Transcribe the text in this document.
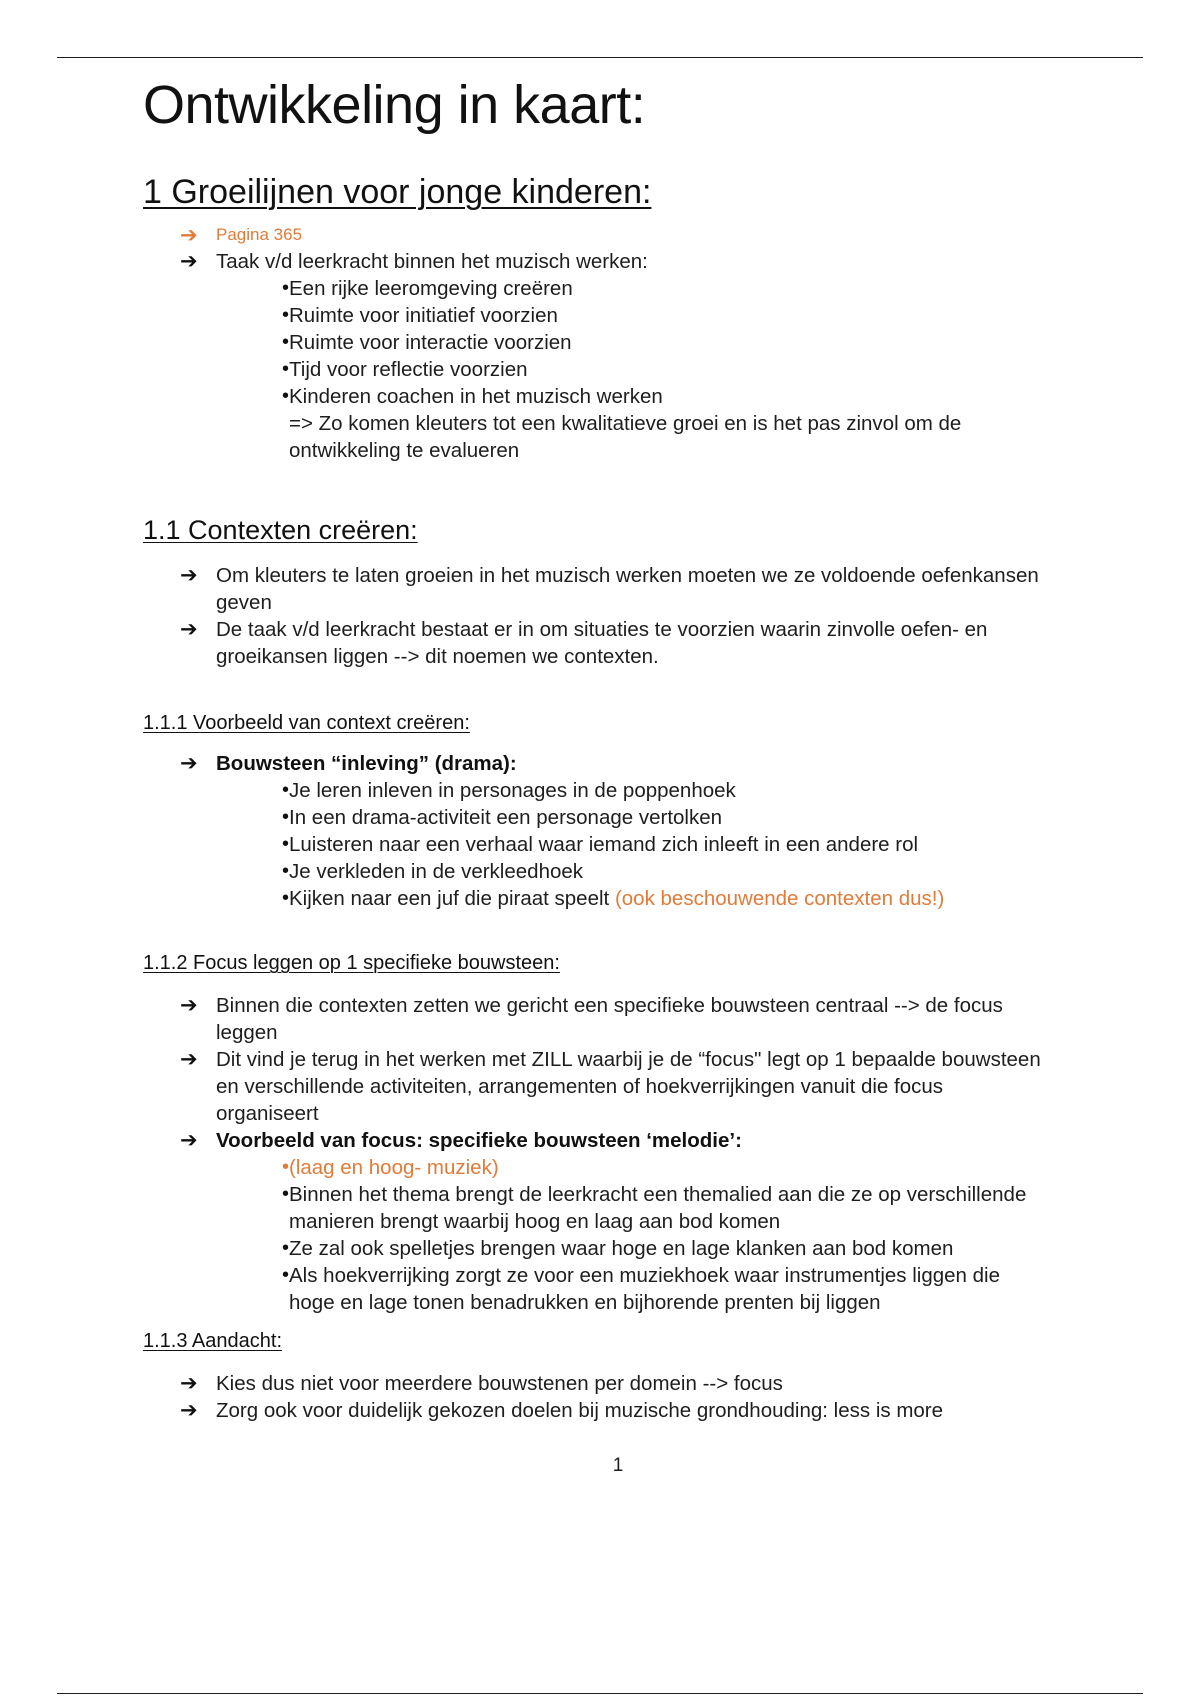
Ontwikkeling in kaart:
1 Groeilijnen voor jonge kinderen:
➔ Pagina 365
➔ Taak v/d leerkracht binnen het muzisch werken:
• Een rijke leeromgeving creëren
• Ruimte voor initiatief voorzien
• Ruimte voor interactie voorzien
• Tijd voor reflectie voorzien
• Kinderen coachen in het muzisch werken
=> Zo komen kleuters tot een kwalitatieve groei en is het pas zinvol om de ontwikkeling te evalueren
1.1 Contexten creëren:
➔ Om kleuters te laten groeien in het muzisch werken moeten we ze voldoende oefenkansen geven
➔ De taak v/d leerkracht bestaat er in om situaties te voorzien waarin zinvolle oefen- en groeikansen liggen --> dit noemen we contexten.
1.1.1 Voorbeeld van context creëren:
➔ Bouwsteen “inleving” (drama):
• Je leren inleven in personages in de poppenhoek
• In een drama-activiteit een personage vertolken
• Luisteren naar een verhaal waar iemand zich inleeft in een andere rol
• Je verkleden in de verkleedhoek
• Kijken naar een juf die piraat speelt (ook beschouwende contexten dus!)
1.1.2 Focus leggen op 1 specifieke bouwsteen:
➔ Binnen die contexten zetten we gericht een specifieke bouwsteen centraal --> de focus leggen
➔ Dit vind je terug in het werken met ZILL waarbij je de “focus" legt op 1 bepaalde bouwsteen en verschillende activiteiten, arrangementen of hoekverrijkingen vanuit die focus organiseert
➔ Voorbeeld van focus: specifieke bouwsteen ‘melodie’:
• (laag en hoog- muziek)
• Binnen het thema brengt de leerkracht een themalied aan die ze op verschillende manieren brengt waarbij hoog en laag aan bod komen
• Ze zal ook spelletjes brengen waar hoge en lage klanken aan bod komen
• Als hoekverrijking zorgt ze voor een muziekhoek waar instrumentjes liggen die hoge en lage tonen benadrukken en bijhorende prenten bij liggen
1.1.3 Aandacht:
➔ Kies dus niet voor meerdere bouwstenen per domein --> focus
➔ Zorg ook voor duidelijk gekozen doelen bij muzische grondhouding: less is more
1
